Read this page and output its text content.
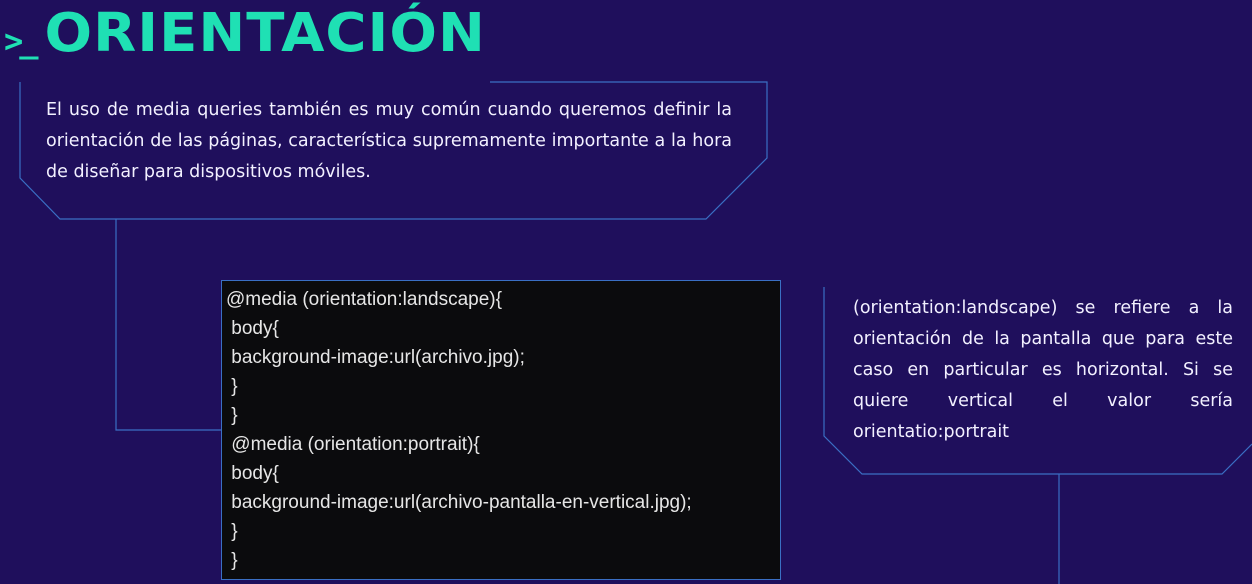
>_ ORIENTACIÓN

El uso de media queries también es muy común cuando queremos definir la orientación de las páginas, característica supremamente importante a la hora de diseñar para dispositivos móviles.

@media (orientation:landscape){
body{
background-image:url(archivo.jpg);
}
}
@media (orientation:portrait){
body{
background-image:url(archivo-pantalla-en-vertical.jpg);
}
}

(orientation:landscape) se refiere a la orientación de la pantalla que para este caso en particular es horizontal. Si se quiere vertical el valor sería orientatio:portrait
